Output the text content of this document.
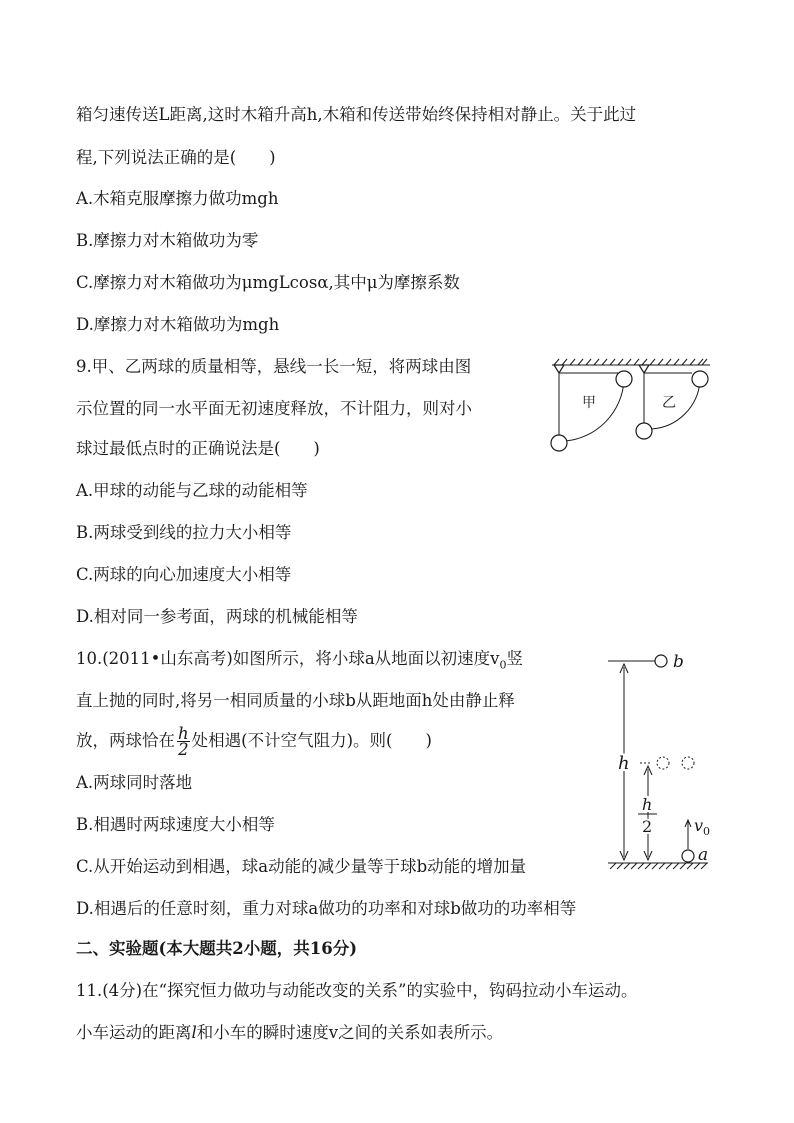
箱匀速传送L距离,这时木箱升高h,木箱和传送带始终保持相对静止。关于此过
程,下列说法正确的是(　　)
A.木箱克服摩擦力做功mgh
B.摩擦力对木箱做功为零
C.摩擦力对木箱做功为μmgLcosα,其中μ为摩擦系数
D.摩擦力对木箱做功为mgh
9.甲、乙两球的质量相等，悬线一长一短，将两球由图
示位置的同一水平面无初速度释放，不计阻力，则对小
球过最低点时的正确说法是(　　)
A.甲球的动能与乙球的动能相等
B.两球受到线的拉力大小相等
C.两球的向心加速度大小相等
D.相对同一参考面，两球的机械能相等
甲	乙
10.(2011•山东高考)如图所示，将小球a从地面以初速度$v_0$竖
直上抛的同时,将另一相同质量的小球b从距地面h处由静止释
放，两球恰在 $\frac{h}{2}$ 处相遇(不计空气阻力)。则(　　)
A.两球同时落地
B.相遇时两球速度大小相等
C.从开始运动到相遇，球a动能的减少量等于球b动能的增加量
D.相遇后的任意时刻，重力对球a做功的功率和对球b做功的功率相等
b
h
h
2	$v_0$
a
二、实验题(本大题共2小题，共16分)
11.(4分)在“探究恒力做功与动能改变的关系”的实验中，钩码拉动小车运动。
小车运动的距离l和小车的瞬时速度v之间的关系如表所示。
